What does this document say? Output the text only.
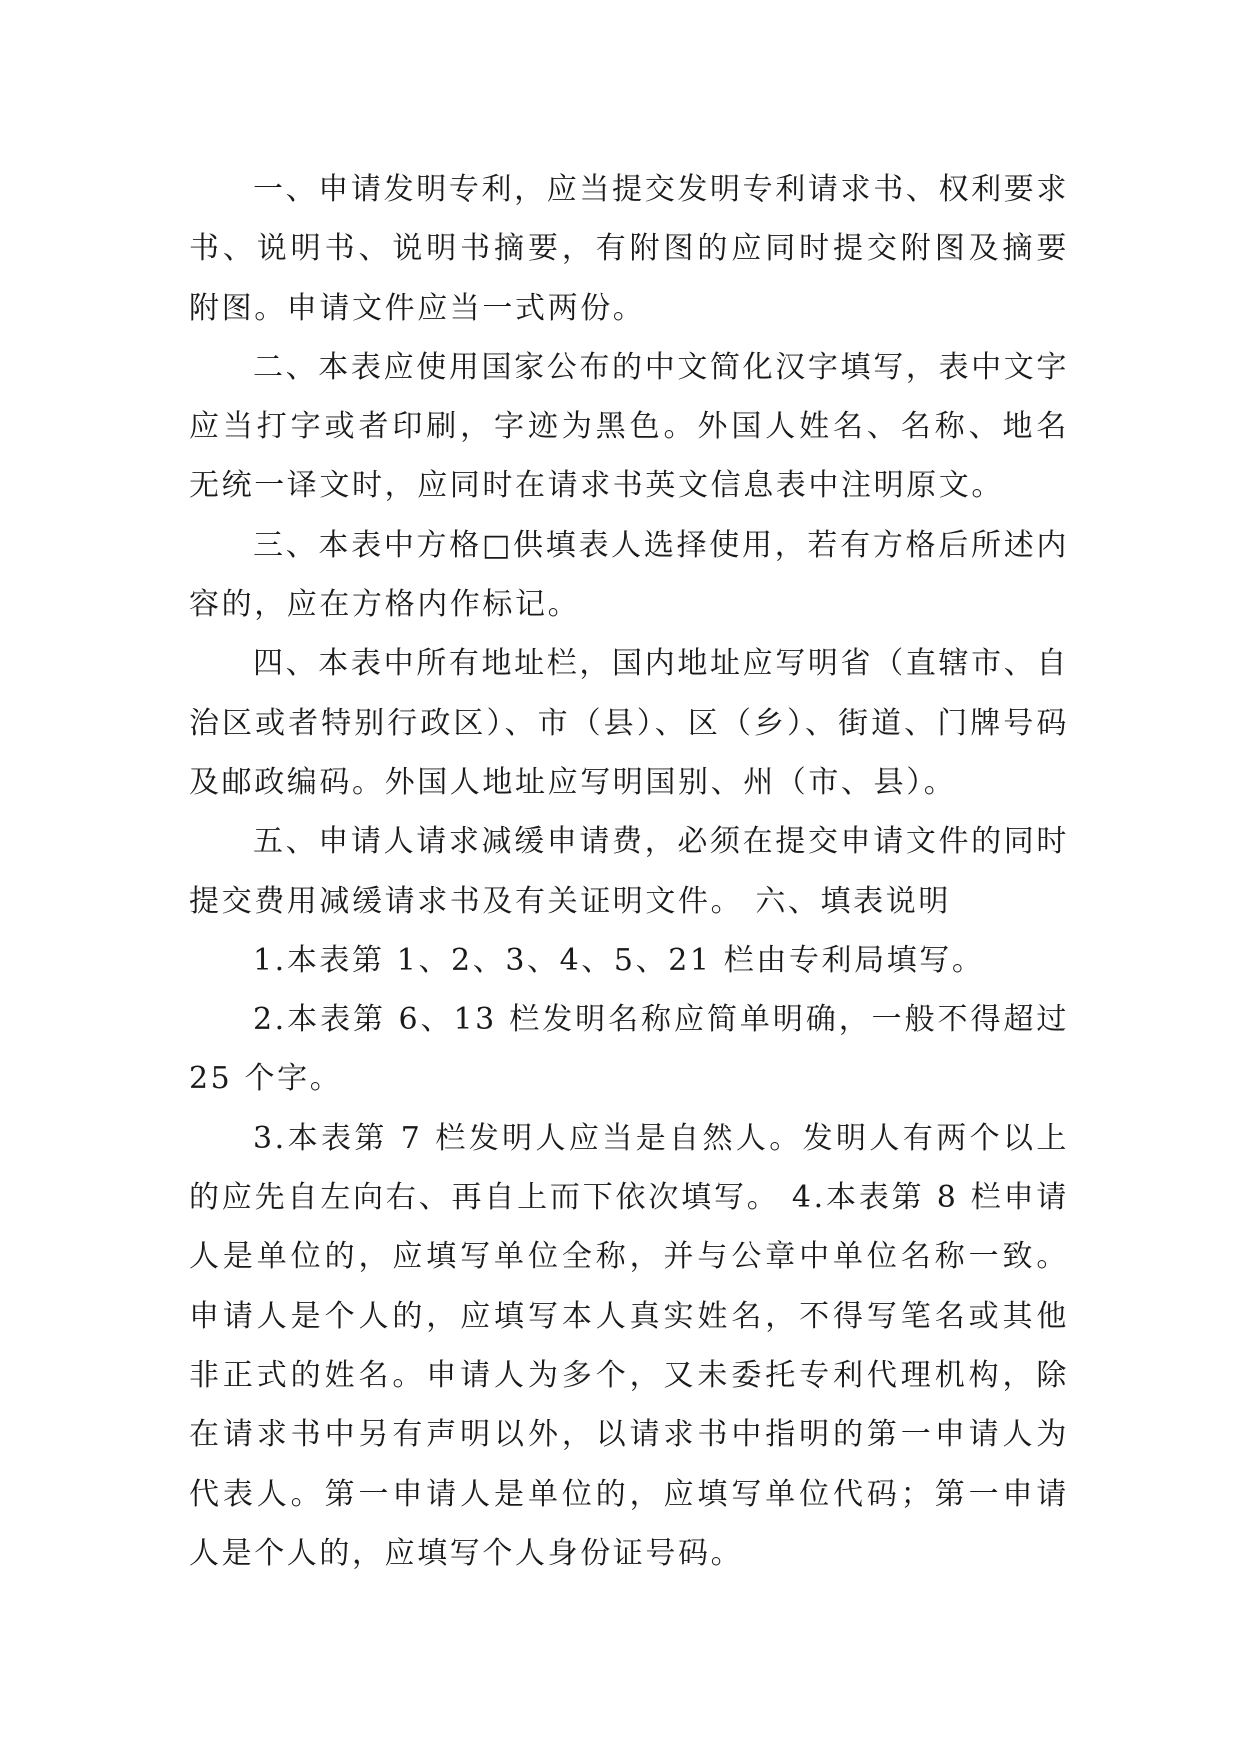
一、申请发明专利，应当提交发明专利请求书、权利要求书、说明书、说明书摘要，有附图的应同时提交附图及摘要附图。申请文件应当一式两份。

二、本表应使用国家公布的中文简化汉字填写，表中文字应当打字或者印刷，字迹为黑色。外国人姓名、名称、地名无统一译文时，应同时在请求书英文信息表中注明原文。

三、本表中方格□供填表人选择使用，若有方格后所述内容的，应在方格内作标记。

四、本表中所有地址栏，国内地址应写明省（直辖市、自治区或者特别行政区）、市（县）、区（乡）、街道、门牌号码及邮政编码。外国人地址应写明国别、州（市、县）。

五、申请人请求减缓申请费，必须在提交申请文件的同时提交费用减缓请求书及有关证明文件。 六、填表说明

1.本表第 1、2、3、4、5、21 栏由专利局填写。

2.本表第 6、13 栏发明名称应简单明确，一般不得超过 25 个字。

3.本表第 7 栏发明人应当是自然人。发明人有两个以上的应先自左向右、再自上而下依次填写。 4.本表第 8 栏申请人是单位的，应填写单位全称，并与公章中单位名称一致。申请人是个人的，应填写本人真实姓名，不得写笔名或其他非正式的姓名。申请人为多个，又未委托专利代理机构，除在请求书中另有声明以外，以请求书中指明的第一申请人为代表人。第一申请人是单位的，应填写单位代码；第一申请人是个人的，应填写个人身份证号码。
